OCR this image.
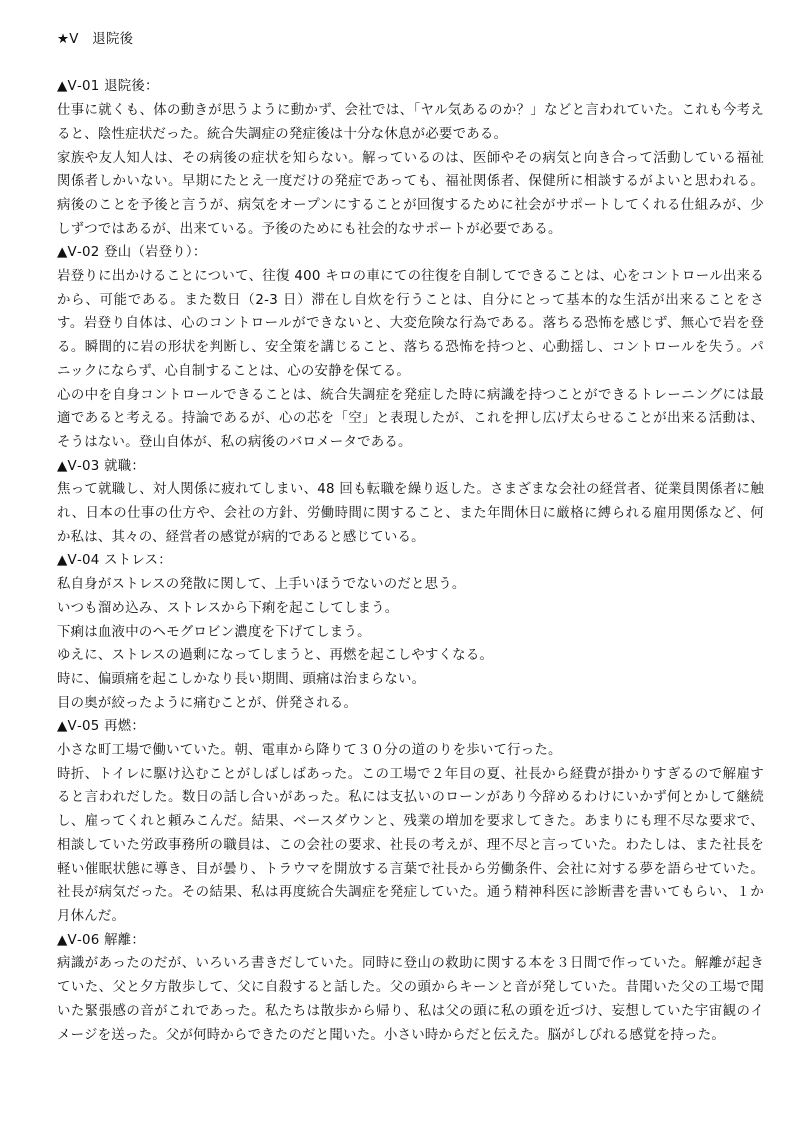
★Ⅴ　退院後
▲Ⅴ-01 退院後：

仕事に就くも、体の動きが思うように動かず、会社では、「ヤル気あるのか？」などと言われていた。これも今考えると、陰性症状だった。統合失調症の発症後は十分な休息が必要である。

家族や友人知人は、その病後の症状を知らない。解っているのは、医師やその病気と向き合って活動している福祉関係者しかいない。早期にたとえ一度だけの発症であっても、福祉関係者、保健所に相談するがよいと思われる。病後のことを予後と言うが、病気をオープンにすることが回復するために社会がサポートしてくれる仕組みが、少しずつではあるが、出来ている。予後のためにも社会的なサポートが必要である。

▲Ⅴ-02 登山（岩登り）：

岩登りに出かけることについて、往復 400 キロの車にての往復を自制してできることは、心をコントロール出来るから、可能である。また数日（2-3 日）滞在し自炊を行うことは、自分にとって基本的な生活が出来ることをさす。岩登り自体は、心のコントロールができないと、大変危険な行為である。落ちる恐怖を感じず、無心で岩を登る。瞬間的に岩の形状を判断し、安全策を講じること、落ちる恐怖を持つと、心動揺し、コントロールを失う。パニックにならず、心自制することは、心の安静を保てる。

心の中を自身コントロールできることは、統合失調症を発症した時に病識を持つことができるトレーニングには最適であると考える。持論であるが、心の芯を「空」と表現したが、これを押し広げ太らせることが出来る活動は、そうはない。登山自体が、私の病後のバロメータである。

▲Ⅴ-03 就職：

焦って就職し、対人関係に疲れてしまい、48 回も転職を繰り返した。さまざまな会社の経営者、従業員関係者に触れ、日本の仕事の仕方や、会社の方針、労働時間に関すること、また年間休日に厳格に縛られる雇用関係など、何か私は、其々の、経営者の感覚が病的であると感じている。

▲Ⅴ-04 ストレス：

私自身がストレスの発散に関して、上手いほうでないのだと思う。

いつも溜め込み、ストレスから下痢を起こしてしまう。

下痢は血液中のヘモグロビン濃度を下げてしまう。

ゆえに、ストレスの過剰になってしまうと、再燃を起こしやすくなる。

時に、偏頭痛を起こしかなり長い期間、頭痛は治まらない。

目の奥が絞ったように痛むことが、併発される。

▲Ⅴ-05 再燃：

小さな町工場で働いていた。朝、電車から降りて３０分の道のりを歩いて行った。

時折、トイレに駆け込むことがしばしばあった。この工場で２年目の夏、社長から経費が掛かりすぎるので解雇すると言われだした。数日の話し合いがあった。私には支払いのローンがあり今辞めるわけにいかず何とかして継続し、雇ってくれと頼みこんだ。結果、ベースダウンと、残業の増加を要求してきた。あまりにも理不尽な要求で、相談していた労政事務所の職員は、この会社の要求、社長の考えが、理不尽と言っていた。わたしは、また社長を軽い催眠状態に導き、目が曇り、トラウマを開放する言葉で社長から労働条件、会社に対する夢を語らせていた。社長が病気だった。その結果、私は再度統合失調症を発症していた。通う精神科医に診断書を書いてもらい、１か月休んだ。

▲Ⅴ-06 解離：

病識があったのだが、いろいろ書きだしていた。同時に登山の救助に関する本を３日間で作っていた。解離が起きていた、父と夕方散歩して、父に自殺すると話した。父の頭からキーンと音が発していた。昔聞いた父の工場で聞いた緊張感の音がこれであった。私たちは散歩から帰り、私は父の頭に私の頭を近づけ、妄想していた宇宙観のイメージを送った。父が何時からできたのだと聞いた。小さい時からだと伝えた。脳がしびれる感覚を持った。
